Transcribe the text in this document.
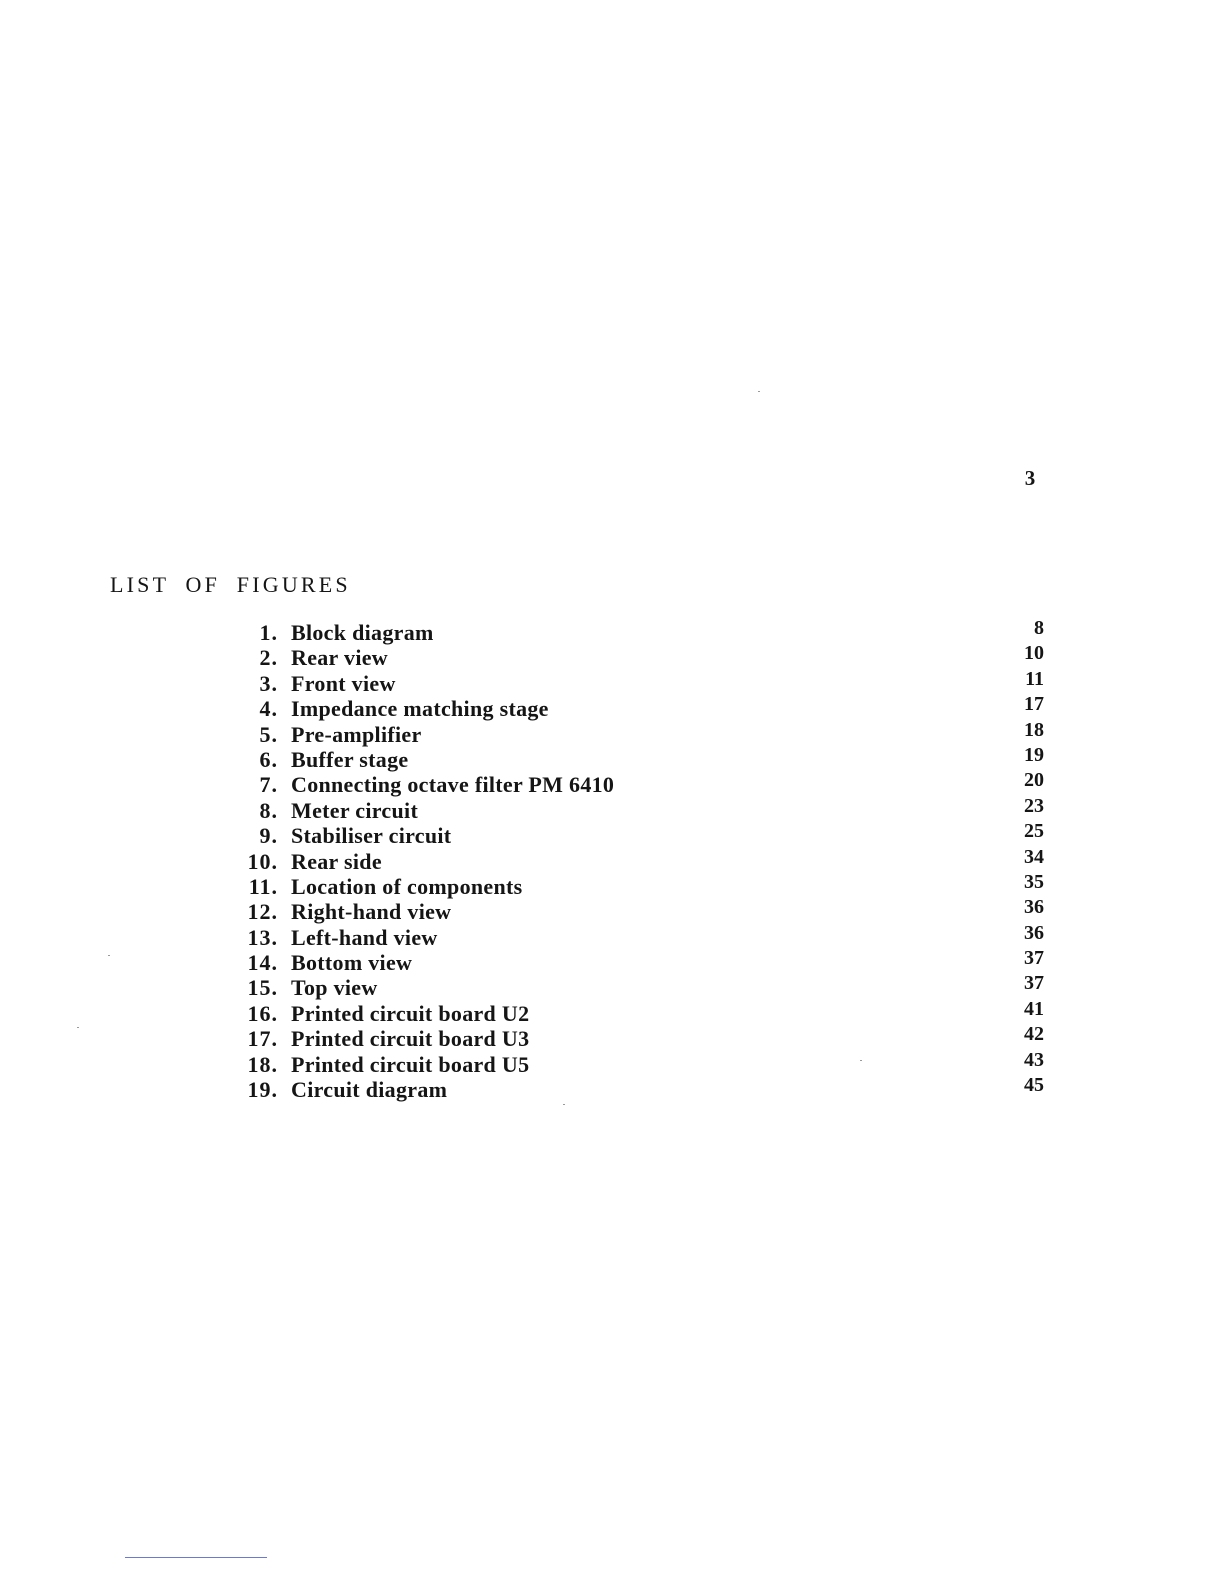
3
LIST OF FIGURES
1. Block diagram	8
2. Rear view	10
3. Front view	11
4. Impedance matching stage	17
5. Pre-amplifier	18
6. Buffer stage	19
7. Connecting octave filter PM 6410	20
8. Meter circuit	23
9. Stabiliser circuit	25
10. Rear side	34
11. Location of components	35
12. Right-hand view	36
13. Left-hand view	36
14. Bottom view	37
15. Top view	37
16. Printed circuit board U2	41
17. Printed circuit board U3	42
18. Printed circuit board U5	43
19. Circuit diagram	45
